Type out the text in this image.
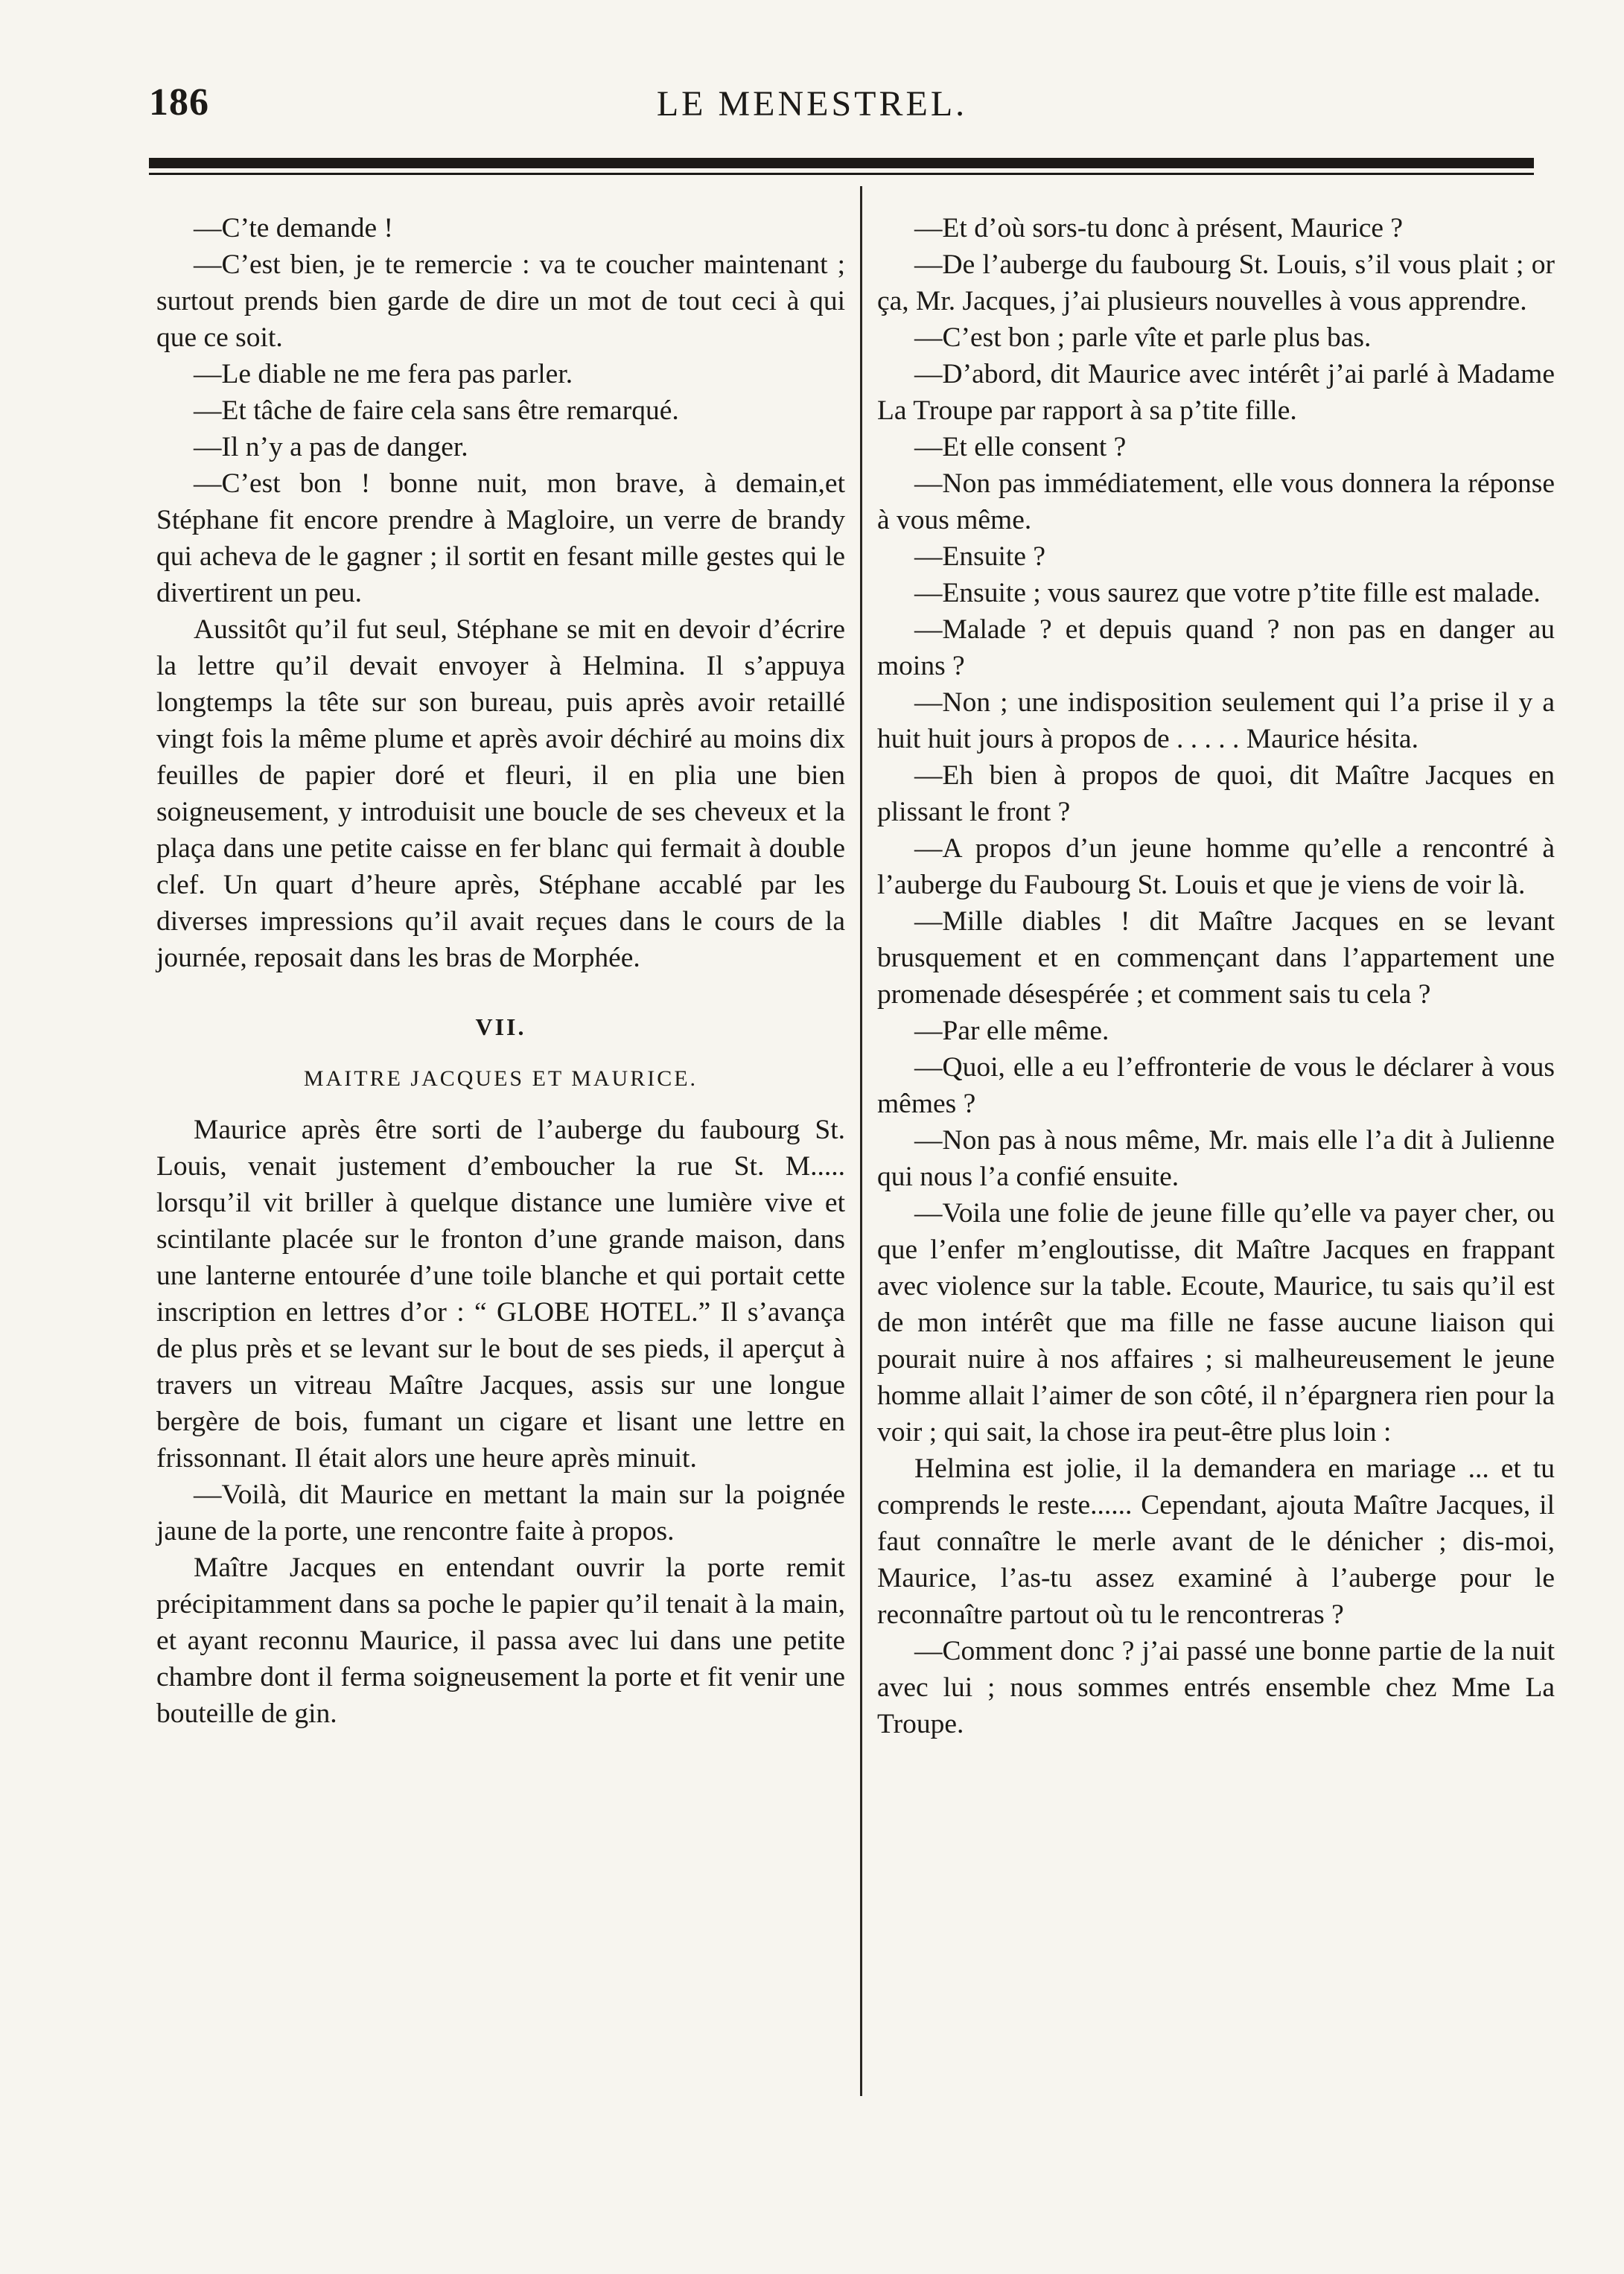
186	LE MENESTREL.

—C’te demande !

—C’est bien, je te remercie : va te coucher maintenant ; surtout prends bien garde de dire un mot de tout ceci à qui que ce soit.

—Le diable ne me fera pas parler.

—Et tâche de faire cela sans être remarqué.

—Il n’y a pas de danger.

—C’est bon ! bonne nuit, mon brave, à demain,et Stéphane fit encore prendre à Magloire, un verre de brandy qui acheva de le gagner ; il sortit en fesant mille gestes qui le divertirent un peu.

Aussitôt qu’il fut seul, Stéphane se mit en devoir d’écrire la lettre qu’il devait envoyer à Helmina. Il s’appuya longtemps la tête sur son bureau, puis après avoir retaillé vingt fois la même plume et après avoir déchiré au moins dix feuilles de papier doré et fleuri, il en plia une bien soigneusement, y introduisit une boucle de ses cheveux et la plaça dans une petite caisse en fer blanc qui fermait à double clef. Un quart d’heure après, Stéphane accablé par les diverses impressions qu’il avait reçues dans le cours de la journée, reposait dans les bras de Morphée.

VII.
MAITRE JACQUES ET MAURICE.

Maurice après être sorti de l’auberge du faubourg St. Louis, venait justement d’emboucher la rue St. M..... lorsqu’il vit briller à quelque distance une lumière vive et scintilante placée sur le fronton d’une grande maison, dans une lanterne entourée d’une toile blanche et qui portait cette inscription en lettres d’or : “ GLOBE HOTEL.” Il s’avança de plus près et se levant sur le bout de ses pieds, il aperçut à travers un vitreau Maître Jacques, assis sur une longue bergère de bois, fumant un cigare et lisant une lettre en frissonnant. Il était alors une heure après minuit.

—Voilà, dit Maurice en mettant la main sur la poignée jaune de la porte, une rencontre faite à propos.

Maître Jacques en entendant ouvrir la porte remit précipitamment dans sa poche le papier qu’il tenait à la main, et ayant reconnu Maurice, il passa avec lui dans une petite chambre dont il ferma soigneusement la porte et fit venir une bouteille de gin.

—Et d’où sors-tu donc à présent, Maurice ?

—De l’auberge du faubourg St. Louis, s’il vous plait ; or ça, Mr. Jacques, j’ai plusieurs nouvelles à vous apprendre.

—C’est bon ; parle vîte et parle plus bas.

—D’abord, dit Maurice avec intérêt j’ai parlé à Madame La Troupe par rapport à sa p’tite fille.

—Et elle consent ?

—Non pas immédiatement, elle vous donnera la réponse à vous même.

—Ensuite ?

—Ensuite ; vous saurez que votre p’tite fille est malade.

—Malade ? et depuis quand ? non pas en danger au moins ?

—Non ; une indisposition seulement qui l’a prise il y a huit huit jours à propos de . . . . . Maurice hésita.

—Eh bien à propos de quoi, dit Maître Jacques en plissant le front ?

—A propos d’un jeune homme qu’elle a rencontré à l’auberge du Faubourg St. Louis et que je viens de voir là.

—Mille diables ! dit Maître Jacques en se levant brusquement et en commençant dans l’appartement une promenade désespérée ; et comment sais tu cela ?

—Par elle même.

—Quoi, elle a eu l’effronterie de vous le déclarer à vous mêmes ?

—Non pas à nous même, Mr. mais elle l’a dit à Julienne qui nous l’a confié ensuite.

—Voila une folie de jeune fille qu’elle va payer cher, ou que l’enfer m’engloutisse, dit Maître Jacques en frappant avec violence sur la table. Ecoute, Maurice, tu sais qu’il est de mon intérêt que ma fille ne fasse aucune liaison qui pourait nuire à nos affaires ; si malheureusement le jeune homme allait l’aimer de son côté, il n’épargnera rien pour la voir ; qui sait, la chose ira peut-être plus loin :

Helmina est jolie, il la demandera en mariage ... et tu comprends le reste...... Cependant, ajouta Maître Jacques, il faut connaître le merle avant de le dénicher ; dis-moi, Maurice, l’as-tu assez examiné à l’auberge pour le reconnaître partout où tu le rencontreras ?

—Comment donc ? j’ai passé une bonne partie de la nuit avec lui ; nous sommes entrés ensemble chez Mme La Troupe.
